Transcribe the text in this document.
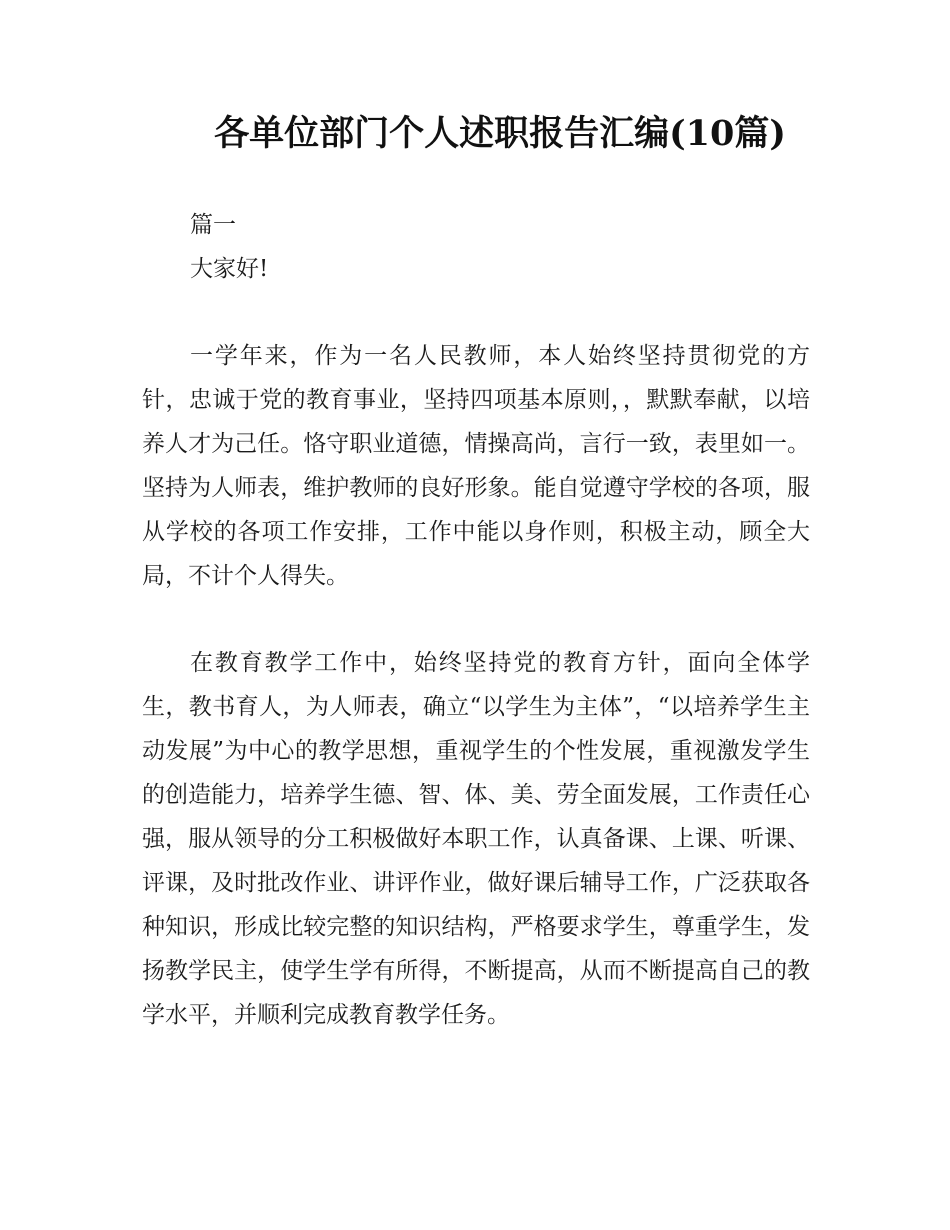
各单位部门个人述职报告汇编(10篇)

篇一

大家好!

一学年来，作为一名人民教师，本人始终坚持贯彻党的方针，忠诚于党的教育事业，坚持四项基本原则，，默默奉献，以培养人才为己任。恪守职业道德，情操高尚，言行一致，表里如一。坚持为人师表，维护教师的良好形象。能自觉遵守学校的各项，服从学校的各项工作安排，工作中能以身作则，积极主动，顾全大局，不计个人得失。

在教育教学工作中，始终坚持党的教育方针，面向全体学生，教书育人，为人师表，确立“以学生为主体”，“以培养学生主动发展”为中心的教学思想，重视学生的个性发展，重视激发学生的创造能力，培养学生德、智、体、美、劳全面发展，工作责任心强，服从领导的分工积极做好本职工作，认真备课、上课、听课、评课，及时批改作业、讲评作业，做好课后辅导工作，广泛获取各种知识，形成比较完整的知识结构，严格要求学生，尊重学生，发扬教学民主，使学生学有所得，不断提高，从而不断提高自己的教学水平，并顺利完成教育教学任务。
